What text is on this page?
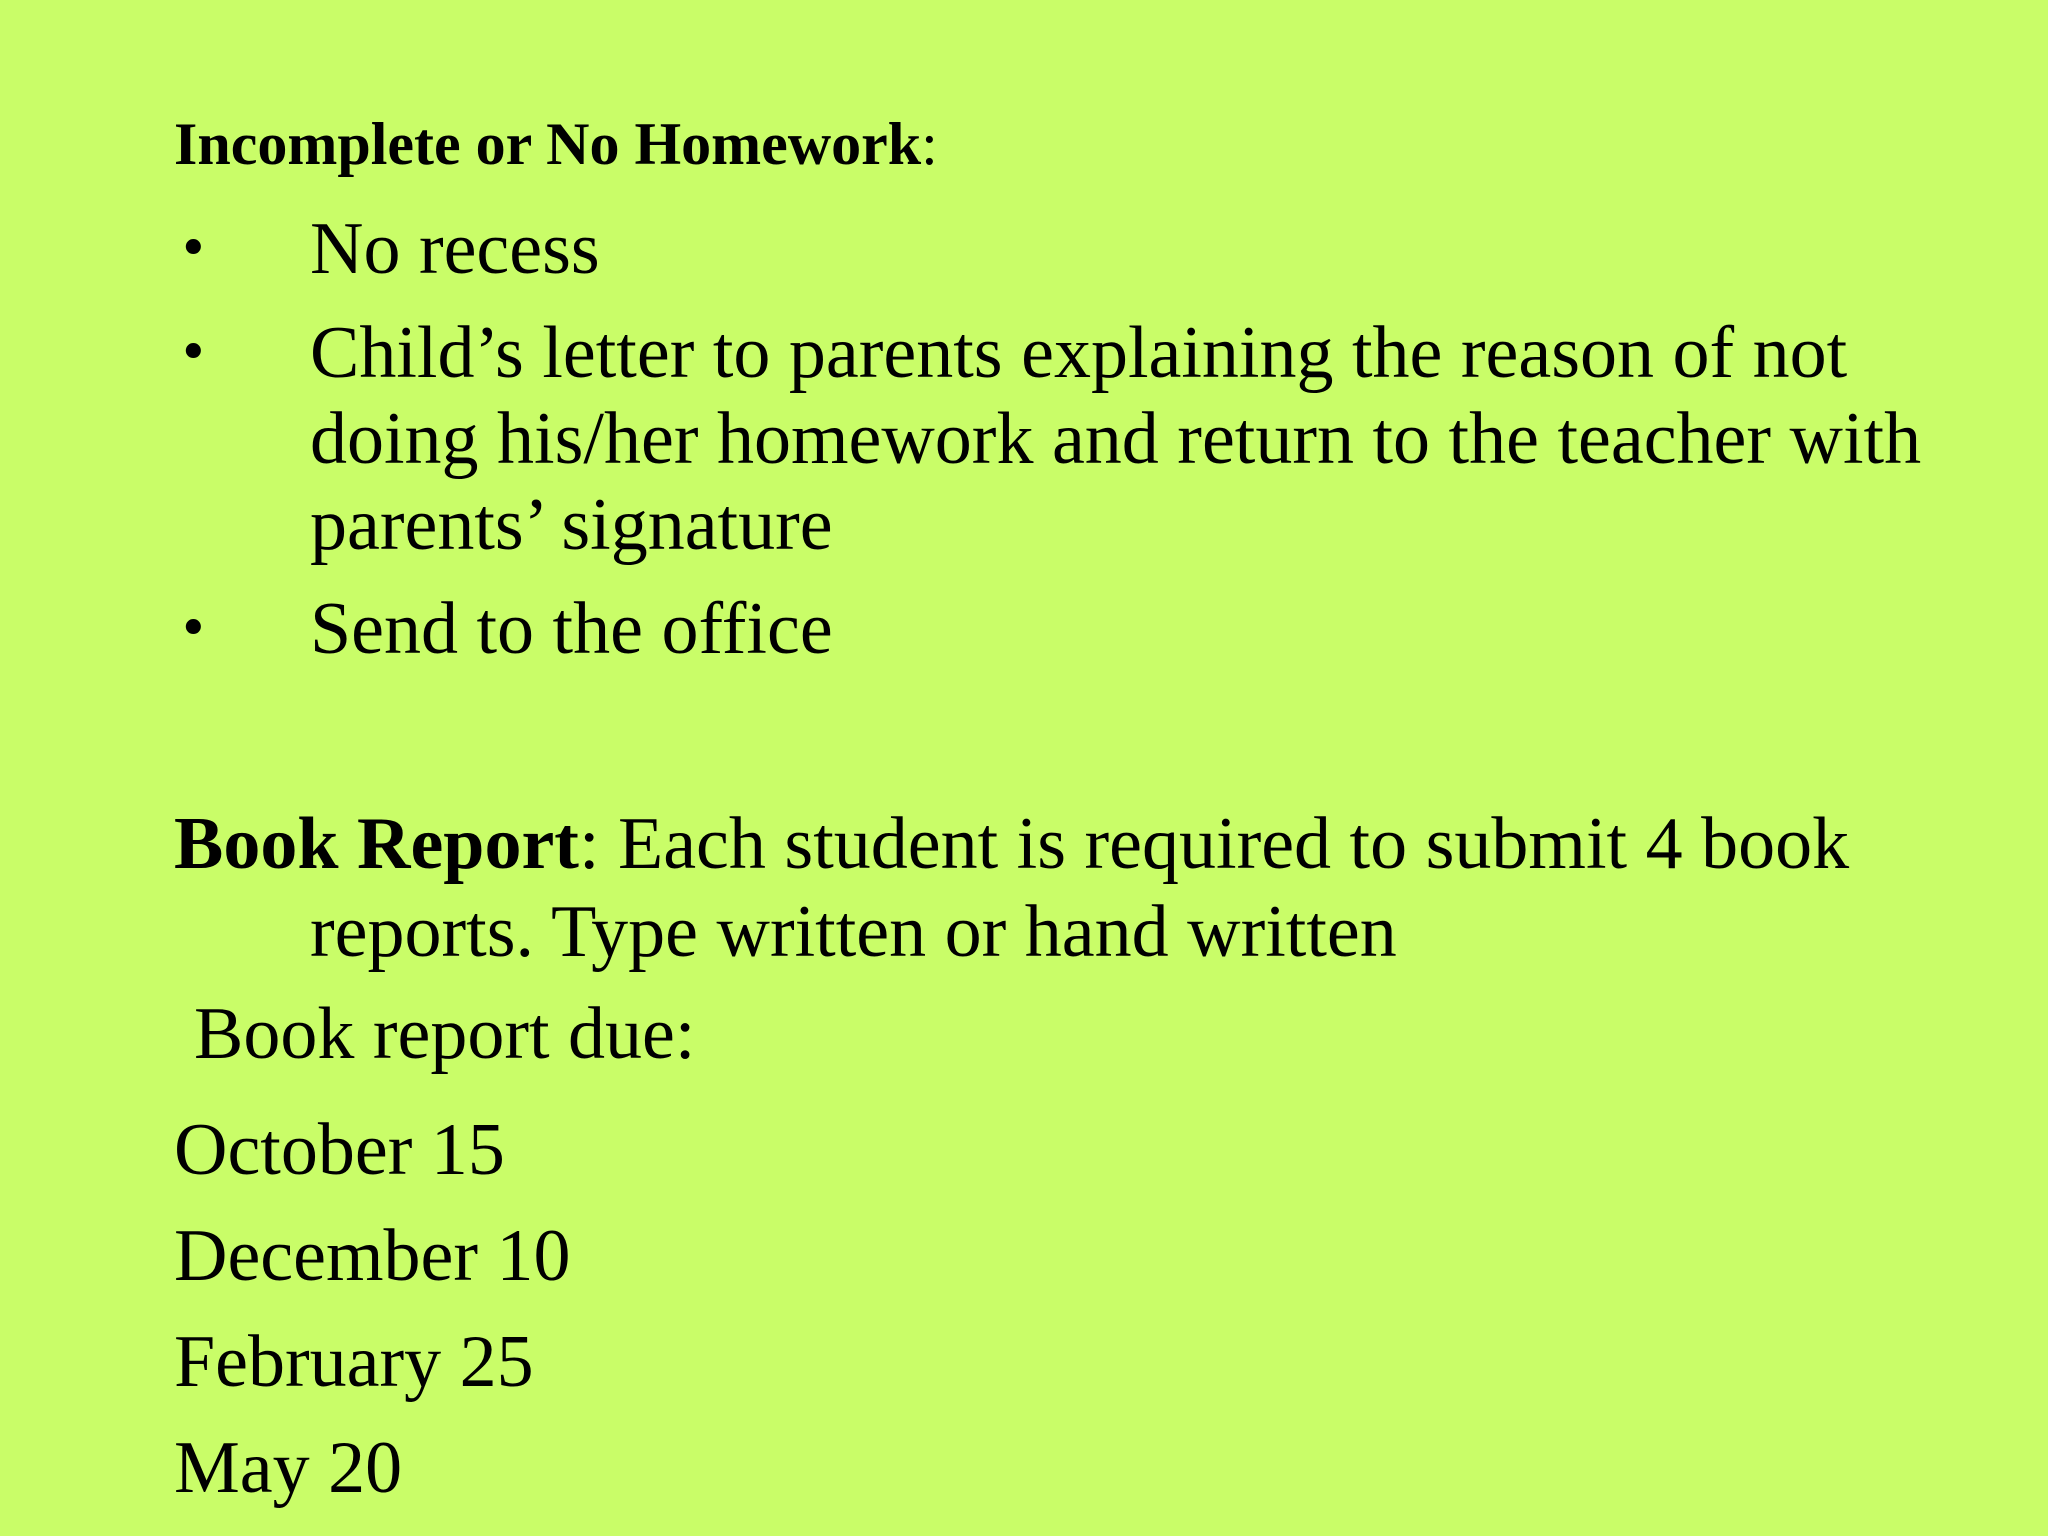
Incomplete or No Homework:
• No recess
• Child’s letter to parents explaining the reason of not doing his/her homework and return to the teacher with parents’ signature
• Send to the office
Book Report: Each student is required to submit 4 book reports. Type written or hand written
Book report due:
October 15
December 10
February 25
May 20
